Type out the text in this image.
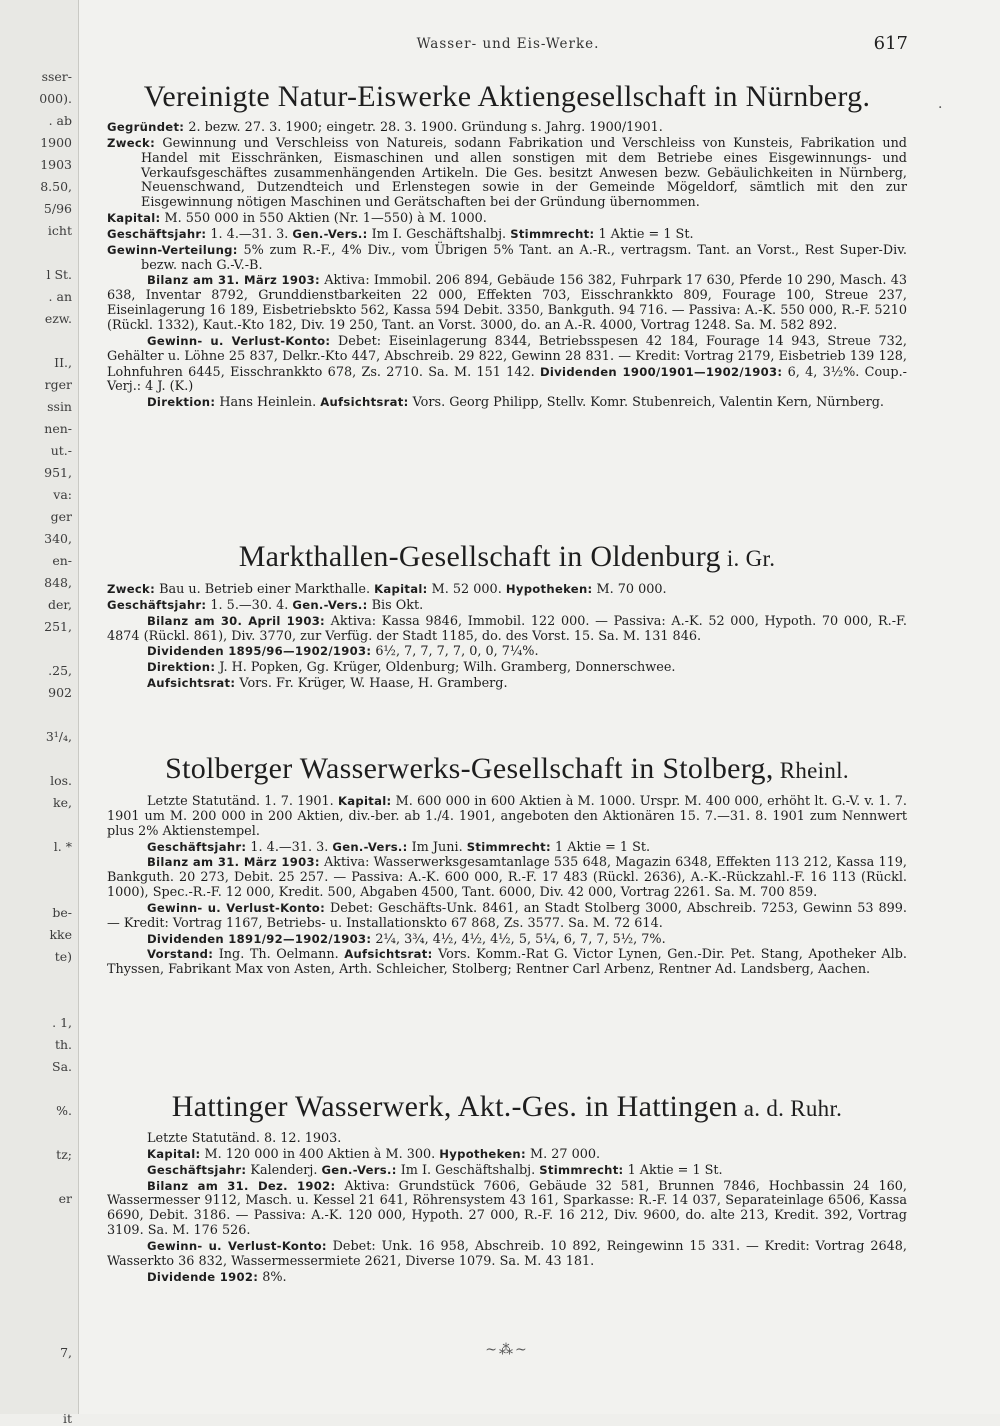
sser-
000).
. ab
1900
1903
8.50,
5/96
icht
l St.
. an
ezw.
II.,
rger
ssin
nen-
ut.-
951,
va:
ger
340,
en-
848,
der,
251,
.25,
902
3¹/₄,
los.
ke,
l. *
be-
kke
te)
. 1,
th.
Sa.
%.
tz;
er
7,
it
Wasser- und Eis-Werke.	617
·
Vereinigte Natur-Eiswerke Aktiengesellschaft in Nürnberg.

Gegründet: 2. bezw. 27. 3. 1900; eingetr. 28. 3. 1900. Gründung s. Jahrg. 1900/1901.

Zweck: Gewinnung und Verschleiss von Natureis, sodann Fabrikation und Verschleiss von Kunsteis, Fabrikation und Handel mit Eisschränken, Eismaschinen und allen sonstigen mit dem Betriebe eines Eisgewinnungs- und Verkaufsgeschäftes zusammenhängenden Artikeln. Die Ges. besitzt Anwesen bezw. Gebäulichkeiten in Nürnberg, Neuenschwand, Dutzendteich und Erlenstegen sowie in der Gemeinde Mögeldorf, sämtlich mit den zur Eisgewinnung nötigen Maschinen und Gerätschaften bei der Gründung übernommen.

Kapital: M. 550 000 in 550 Aktien (Nr. 1—550) à M. 1000.

Geschäftsjahr: 1. 4.—31. 3. Gen.-Vers.: Im I. Geschäftshalbj. Stimmrecht: 1 Aktie = 1 St.

Gewinn-Verteilung: 5% zum R.-F., 4% Div., vom Übrigen 5% Tant. an A.-R., vertragsm. Tant. an Vorst., Rest Super-Div. bezw. nach G.-V.-B.

Bilanz am 31. März 1903: Aktiva: Immobil. 206 894, Gebäude 156 382, Fuhrpark 17 630, Pferde 10 290, Masch. 43 638, Inventar 8792, Grunddienstbarkeiten 22 000, Effekten 703, Eisschrankkto 809, Fourage 100, Streue 237, Eiseinlagerung 16 189, Eisbetriebskto 562, Kassa 594 Debit. 3350, Bankguth. 94 716. — Passiva: A.-K. 550 000, R.-F. 5210 (Rückl. 1332), Kaut.-Kto 182, Div. 19 250, Tant. an Vorst. 3000, do. an A.-R. 4000, Vortrag 1248. Sa. M. 582 892.

Gewinn- u. Verlust-Konto: Debet: Eiseinlagerung 8344, Betriebsspesen 42 184, Fourage 14 943, Streue 732, Gehälter u. Löhne 25 837, Delkr.-Kto 447, Abschreib. 29 822, Gewinn 28 831. — Kredit: Vortrag 2179, Eisbetrieb 139 128, Lohnfuhren 6445, Eisschrankkto 678, Zs. 2710. Sa. M. 151 142. Dividenden 1900/1901—1902/1903: 6, 4, 3½%. Coup.-Verj.: 4 J. (K.)

Direktion: Hans Heinlein. Aufsichtsrat: Vors. Georg Philipp, Stellv. Komr. Stubenreich, Valentin Kern, Nürnberg.

Markthallen-Gesellschaft in Oldenburg i. Gr.

Zweck: Bau u. Betrieb einer Markthalle. Kapital: M. 52 000. Hypotheken: M. 70 000.

Geschäftsjahr: 1. 5.—30. 4. Gen.-Vers.: Bis Okt.

Bilanz am 30. April 1903: Aktiva: Kassa 9846, Immobil. 122 000. — Passiva: A.-K. 52 000, Hypoth. 70 000, R.-F. 4874 (Rückl. 861), Div. 3770, zur Verfüg. der Stadt 1185, do. des Vorst. 15. Sa. M. 131 846.

Dividenden 1895/96—1902/1903: 6½, 7, 7, 7, 7, 0, 0, 7¼%.

Direktion: J. H. Popken, Gg. Krüger, Oldenburg; Wilh. Gramberg, Donnerschwee.

Aufsichtsrat: Vors. Fr. Krüger, W. Haase, H. Gramberg.

Stolberger Wasserwerks-Gesellschaft in Stolberg, Rheinl.

Letzte Statutänd. 1. 7. 1901. Kapital: M. 600 000 in 600 Aktien à M. 1000. Urspr. M. 400 000, erhöht lt. G.-V. v. 1. 7. 1901 um M. 200 000 in 200 Aktien, div.-ber. ab 1./4. 1901, angeboten den Aktionären 15. 7.—31. 8. 1901 zum Nennwert plus 2% Aktienstempel.

Geschäftsjahr: 1. 4.—31. 3. Gen.-Vers.: Im Juni. Stimmrecht: 1 Aktie = 1 St.

Bilanz am 31. März 1903: Aktiva: Wasserwerksgesamtanlage 535 648, Magazin 6348, Effekten 113 212, Kassa 119, Bankguth. 20 273, Debit. 25 257. — Passiva: A.-K. 600 000, R.-F. 17 483 (Rückl. 2636), A.-K.-Rückzahl.-F. 16 113 (Rückl. 1000), Spec.-R.-F. 12 000, Kredit. 500, Abgaben 4500, Tant. 6000, Div. 42 000, Vortrag 2261. Sa. M. 700 859.

Gewinn- u. Verlust-Konto: Debet: Geschäfts-Unk. 8461, an Stadt Stolberg 3000, Abschreib. 7253, Gewinn 53 899. — Kredit: Vortrag 1167, Betriebs- u. Installationskto 67 868, Zs. 3577. Sa. M. 72 614.

Dividenden 1891/92—1902/1903: 2¼, 3¾, 4½, 4½, 4½, 5, 5¼, 6, 7, 7, 5½, 7%.

Vorstand: Ing. Th. Oelmann. Aufsichtsrat: Vors. Komm.-Rat G. Victor Lynen, Gen.-Dir. Pet. Stang, Apotheker Alb. Thyssen, Fabrikant Max von Asten, Arth. Schleicher, Stolberg; Rentner Carl Arbenz, Rentner Ad. Landsberg, Aachen.

Hattinger Wasserwerk, Akt.-Ges. in Hattingen a. d. Ruhr.

Letzte Statutänd. 8. 12. 1903.

Kapital: M. 120 000 in 400 Aktien à M. 300. Hypotheken: M. 27 000.

Geschäftsjahr: Kalenderj. Gen.-Vers.: Im I. Geschäftshalbj. Stimmrecht: 1 Aktie = 1 St.

Bilanz am 31. Dez. 1902: Aktiva: Grundstück 7606, Gebäude 32 581, Brunnen 7846, Hochbassin 24 160, Wassermesser 9112, Masch. u. Kessel 21 641, Röhrensystem 43 161, Sparkasse: R.-F. 14 037, Separateinlage 6506, Kassa 6690, Debit. 3186. — Passiva: A.-K. 120 000, Hypoth. 27 000, R.-F. 16 212, Div. 9600, do. alte 213, Kredit. 392, Vortrag 3109. Sa. M. 176 526.

Gewinn- u. Verlust-Konto: Debet: Unk. 16 958, Abschreib. 10 892, Reingewinn 15 331. — Kredit: Vortrag 2648, Wasserkto 36 832, Wassermessermiete 2621, Diverse 1079. Sa. M. 43 181.

Dividende 1902: 8%.

~⁂~
